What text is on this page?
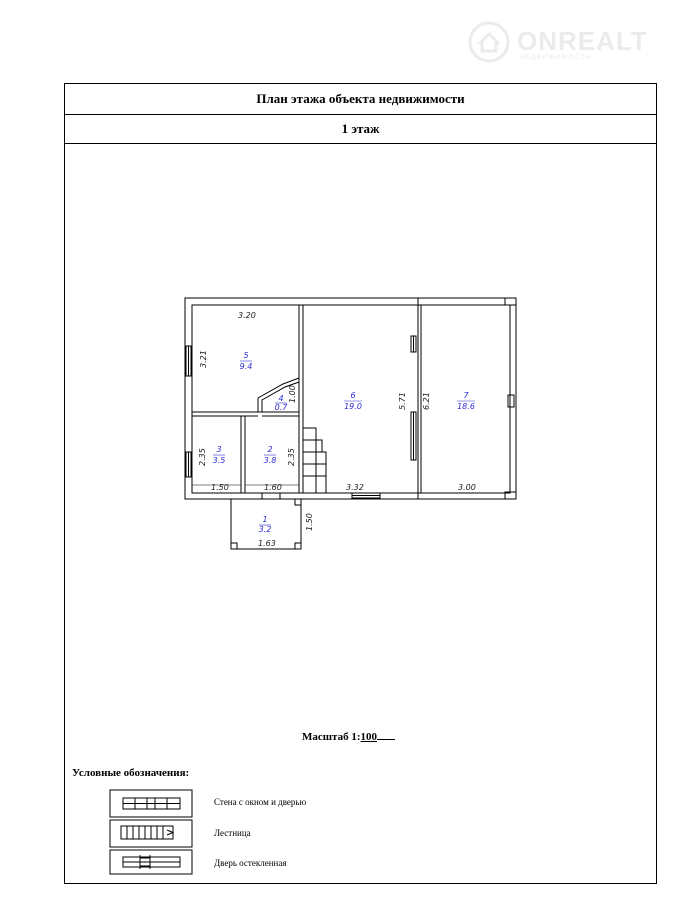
ONREALT
НЕДВИЖИМОСТЬ
План этажа объекта недвижимости
1 этаж
3.20
3.21
1.00	5.71 6.21
2.35	2.35
1.50	1.60	3.32	3.00
1.50
1.63
5
9.4
4
0.7
6
19.0
7
18.6
3
3.5
2
3.8
1
3.2
Масштаб 1:100
Условные обозначения:
Стена с окном и дверью
Лестница
Дверь остекленная
